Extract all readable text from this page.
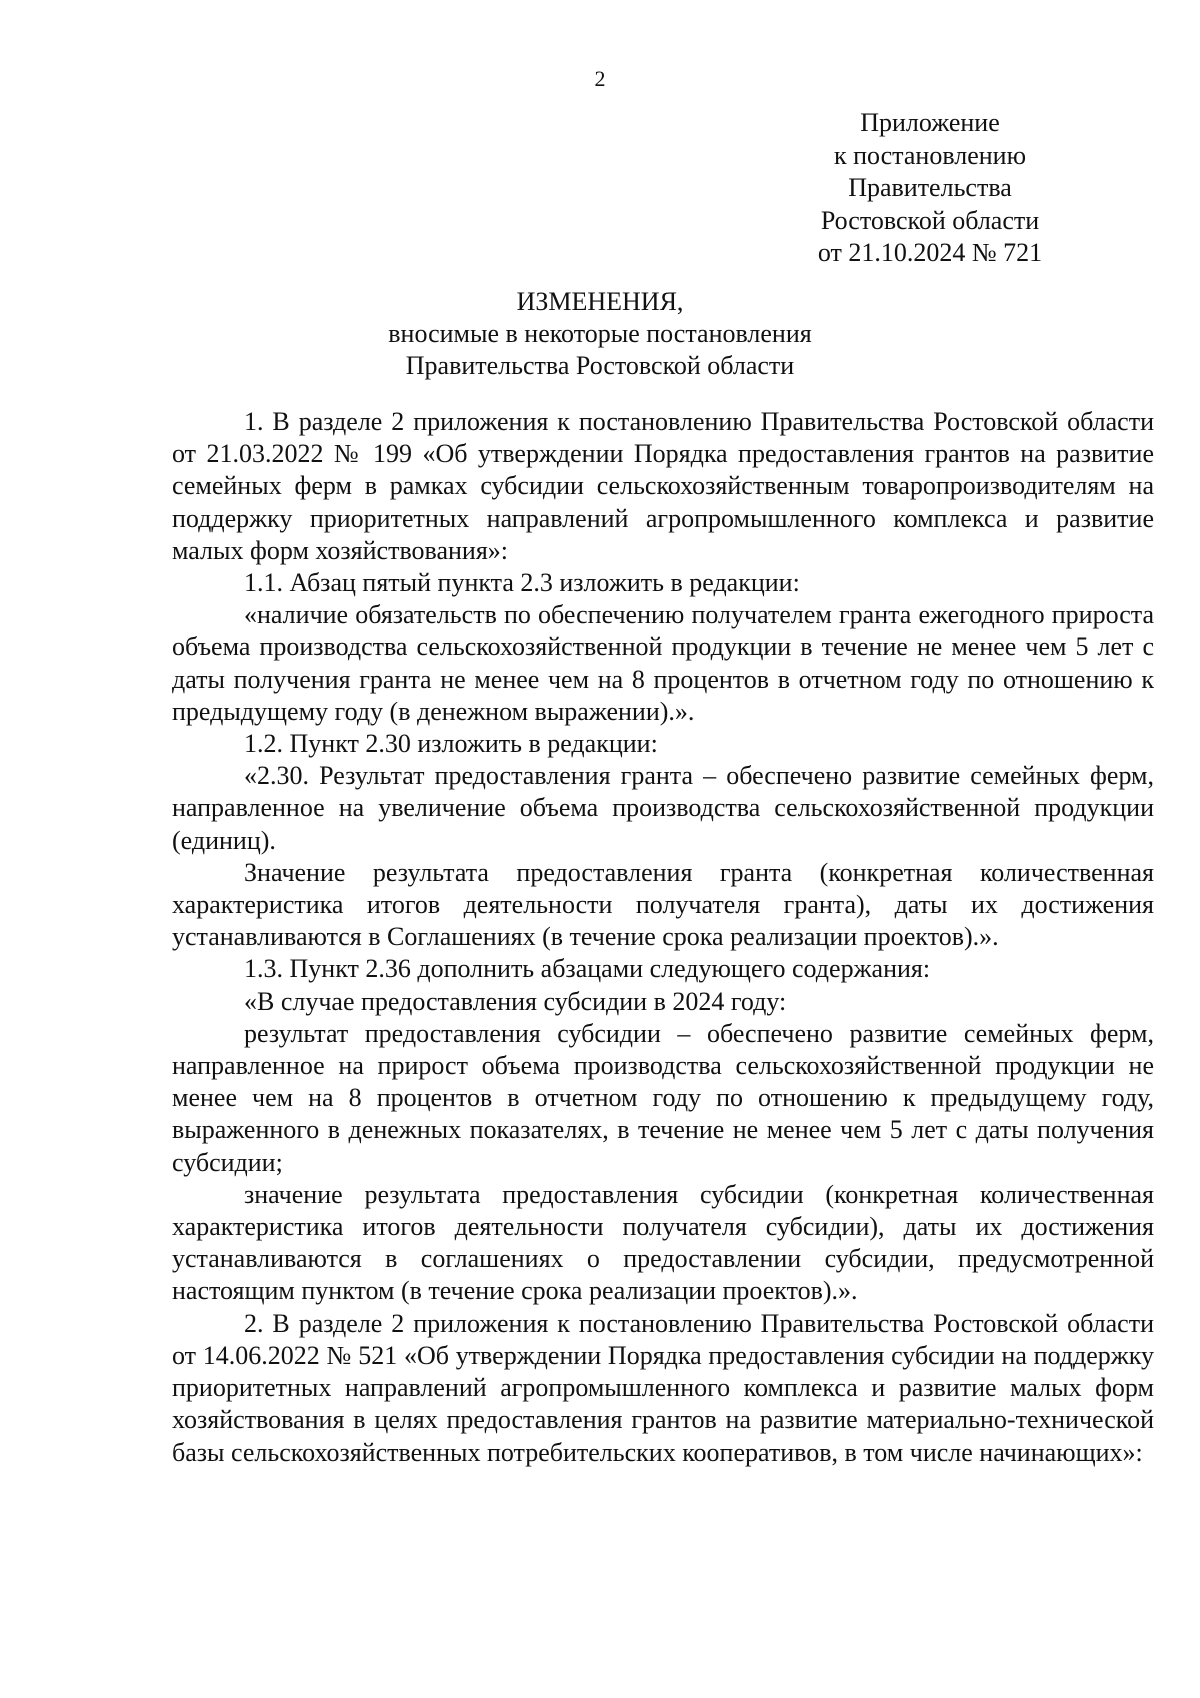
2
Приложение
к постановлению
Правительства
Ростовской области
от 21.10.2024 № 721
ИЗМЕНЕНИЯ,
вносимые в некоторые постановления
Правительства Ростовской области

1. В разделе 2 приложения к постановлению Правительства Ростовской области от 21.03.2022 № 199 «Об утверждении Порядка предоставления грантов на развитие семейных ферм в рамках субсидии сельскохозяйственным товаропроизводителям на поддержку приоритетных направлений агропромышленного комплекса и развитие малых форм хозяйствования»:

1.1. Абзац пятый пункта 2.3 изложить в редакции:

«наличие обязательств по обеспечению получателем гранта ежегодного прироста объема производства сельскохозяйственной продукции в течение не менее чем 5 лет с даты получения гранта не менее чем на 8 процентов в отчетном году по отношению к предыдущему году (в денежном выражении).».

1.2. Пункт 2.30 изложить в редакции:

«2.30. Результат предоставления гранта – обеспечено развитие семейных ферм, направленное на увеличение объема производства сельскохозяйственной продукции (единиц).

Значение результата предоставления гранта (конкретная количественная характеристика итогов деятельности получателя гранта), даты их достижения устанавливаются в Соглашениях (в течение срока реализации проектов).».

1.3. Пункт 2.36 дополнить абзацами следующего содержания:

«В случае предоставления субсидии в 2024 году:

результат предоставления субсидии – обеспечено развитие семейных ферм, направленное на прирост объема производства сельскохозяйственной продукции не менее чем на 8 процентов в отчетном году по отношению к предыдущему году, выраженного в денежных показателях, в течение не менее чем 5 лет с даты получения субсидии;

значение результата предоставления субсидии (конкретная количественная характеристика итогов деятельности получателя субсидии), даты их достижения устанавливаются в соглашениях о предоставлении субсидии, предусмотренной настоящим пунктом (в течение срока реализации проектов).».

2. В разделе 2 приложения к постановлению Правительства Ростовской области от 14.06.2022 № 521 «Об утверждении Порядка предоставления субсидии на поддержку приоритетных направлений агропромышленного комплекса и развитие малых форм хозяйствования в целях предоставления грантов на развитие материально-технической базы сельскохозяйственных потребительских кооперативов, в том числе начинающих»:
